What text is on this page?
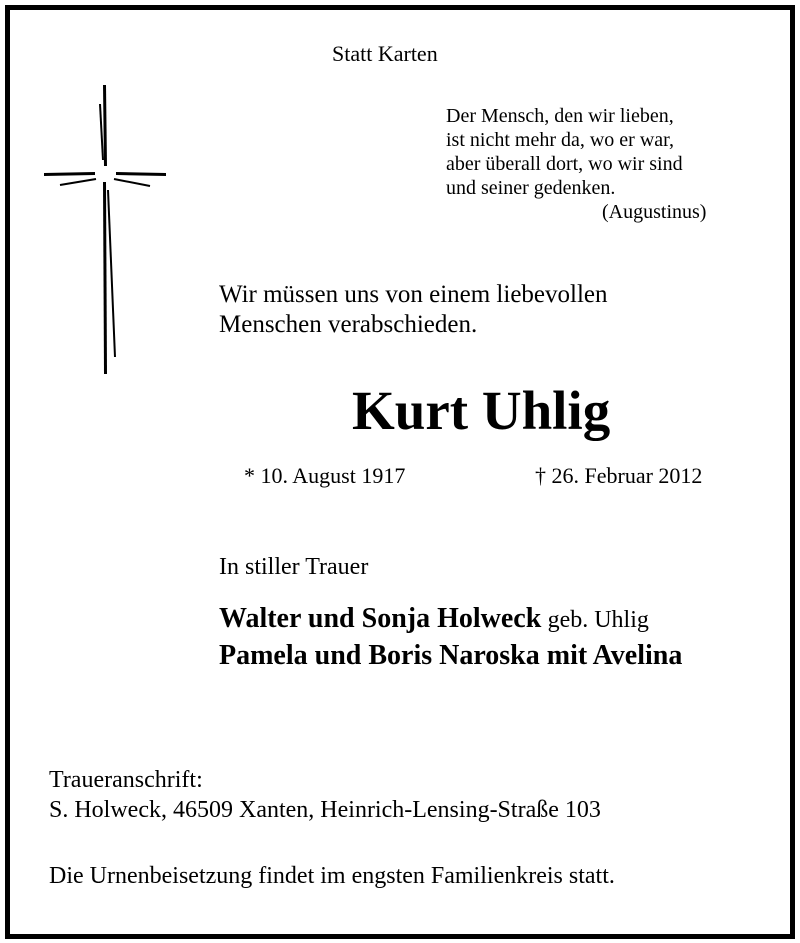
Statt Karten
Der Mensch, den wir lieben,
ist nicht mehr da, wo er war,
aber überall dort, wo wir sind
und seiner gedenken.
(Augustinus)
Wir müssen uns von einem liebevollen
Menschen verabschieden.
Kurt Uhlig
* 10. August 1917	† 26. Februar 2012
In stiller Trauer
Walter und Sonja Holweck geb. Uhlig
Pamela und Boris Naroska mit Avelina
Traueranschrift:
S. Holweck, 46509 Xanten, Heinrich-Lensing-Straße 103
Die Urnenbeisetzung findet im engsten Familienkreis statt.
